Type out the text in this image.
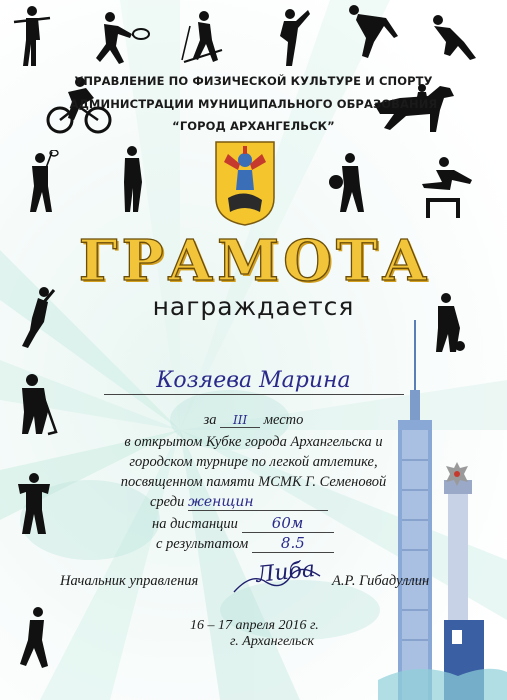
УПРАВЛЕНИЕ ПО ФИЗИЧЕСКОЙ КУЛЬТУРЕ И СПОРТУ
АДМИНИСТРАЦИИ МУНИЦИПАЛЬНОГО ОБРАЗОВАНИЯ
“ГОРОД АРХАНГЕЛЬСК”
ГРАМОТА
награждается
Козяева Марина
за III место
в открытом Кубке города Архангельска и
городском турнире по легкой атлетике,
посвященном памяти МСМК Г. Семеновой
среди женщин
на дистанции 60м
с результатом 8.5
Начальник управления	Либа А.Р. Гибадуллин
16 – 17 апреля 2016 г.
г. Архангельск
